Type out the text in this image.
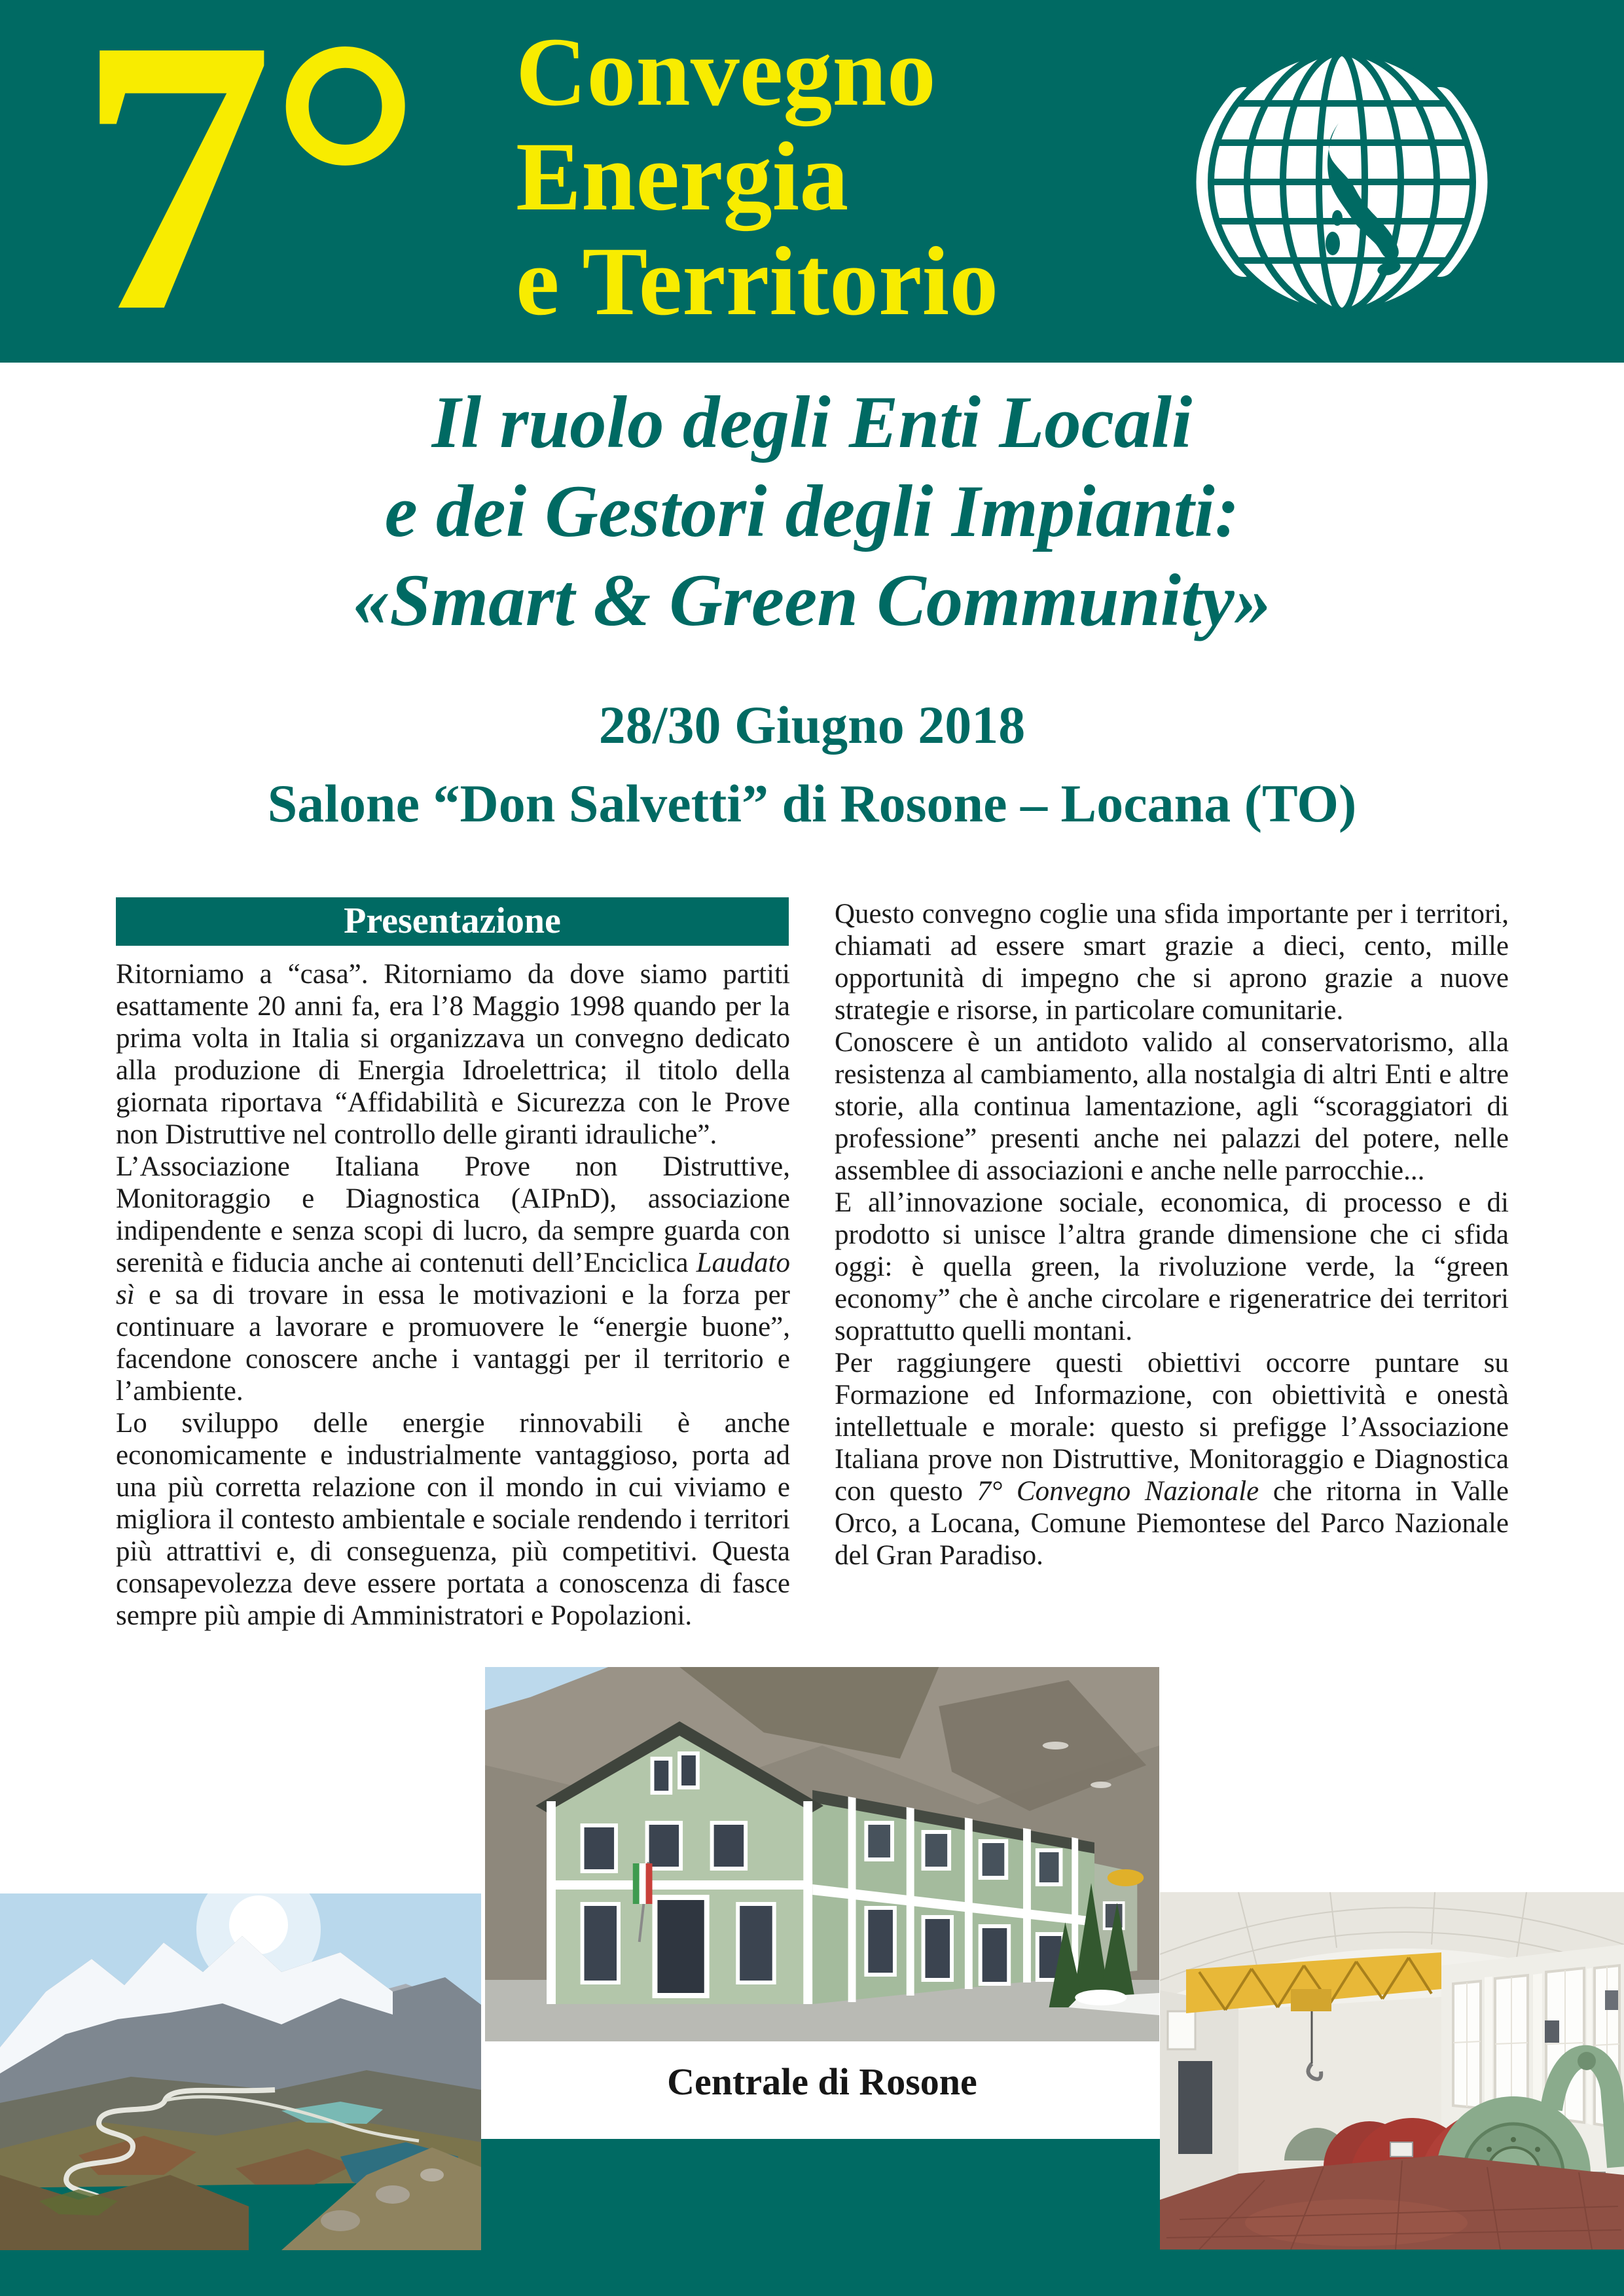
7° Convegno
Energia
e Territorio
Il ruolo degli Enti Locali
e dei Gestori degli Impianti:
«Smart & Green Community»
28/30 Giugno 2018
Salone “Don Salvetti” di Rosone – Locana (TO)
Presentazione

Ritorniamo a “casa”. Ritorniamo da dove siamo partiti esattamente 20 anni fa, era l’8 Maggio 1998 quando per la prima volta in Italia si organizzava un convegno dedicato alla produzione di Energia Idroelettrica; il titolo della giornata riportava “Affidabilità e Sicurezza con le Prove non Distruttive nel controllo delle giranti idrauliche”.

L’Associazione Italiana Prove non Distruttive, Monitoraggio e Diagnostica (AIPnD), associazione indipendente e senza scopi di lucro, da sempre guarda con serenità e fiducia anche ai contenuti dell’Enciclica Laudato sì e sa di trovare in essa le motivazioni e la forza per continuare a lavorare e promuovere le “energie buone”, facendone conoscere anche i vantaggi per il territorio e l’ambiente.

Lo sviluppo delle energie rinnovabili è anche economicamente e industrialmente vantaggioso, porta ad una più corretta relazione con il mondo in cui viviamo e migliora il contesto ambientale e sociale rendendo i territori più attrattivi e, di conseguenza, più competitivi. Questa consapevolezza deve essere portata a conoscenza di fasce sempre più ampie di Amministratori e Popolazioni.

Questo convegno coglie una sfida importante per i territori, chiamati ad essere smart grazie a dieci, cento, mille opportunità di impegno che si aprono grazie a nuove strategie e risorse, in particolare comunitarie.

Conoscere è un antidoto valido al conservatorismo, alla resistenza al cambiamento, alla nostalgia di altri Enti e altre storie, alla continua lamentazione, agli “scoraggiatori di professione” presenti anche nei palazzi del potere, nelle assemblee di associazioni e anche nelle parrocchie...

E all’innovazione sociale, economica, di processo e di prodotto si unisce l’altra grande dimensione che ci sfida oggi: è quella green, la rivoluzione verde, la “green economy” che è anche circolare e rigeneratrice dei territori soprattutto quelli montani.

Per raggiungere questi obiettivi occorre puntare su Formazione ed Informazione, con obiettività e onestà intellettuale e morale: questo si prefigge l’Associazione Italiana prove non Distruttive, Monitoraggio e Diagnostica con questo 7° Convegno Nazionale che ritorna in Valle Orco, a Locana, Comune Piemontese del Parco Nazionale del Gran Paradiso.

Centrale di Rosone
